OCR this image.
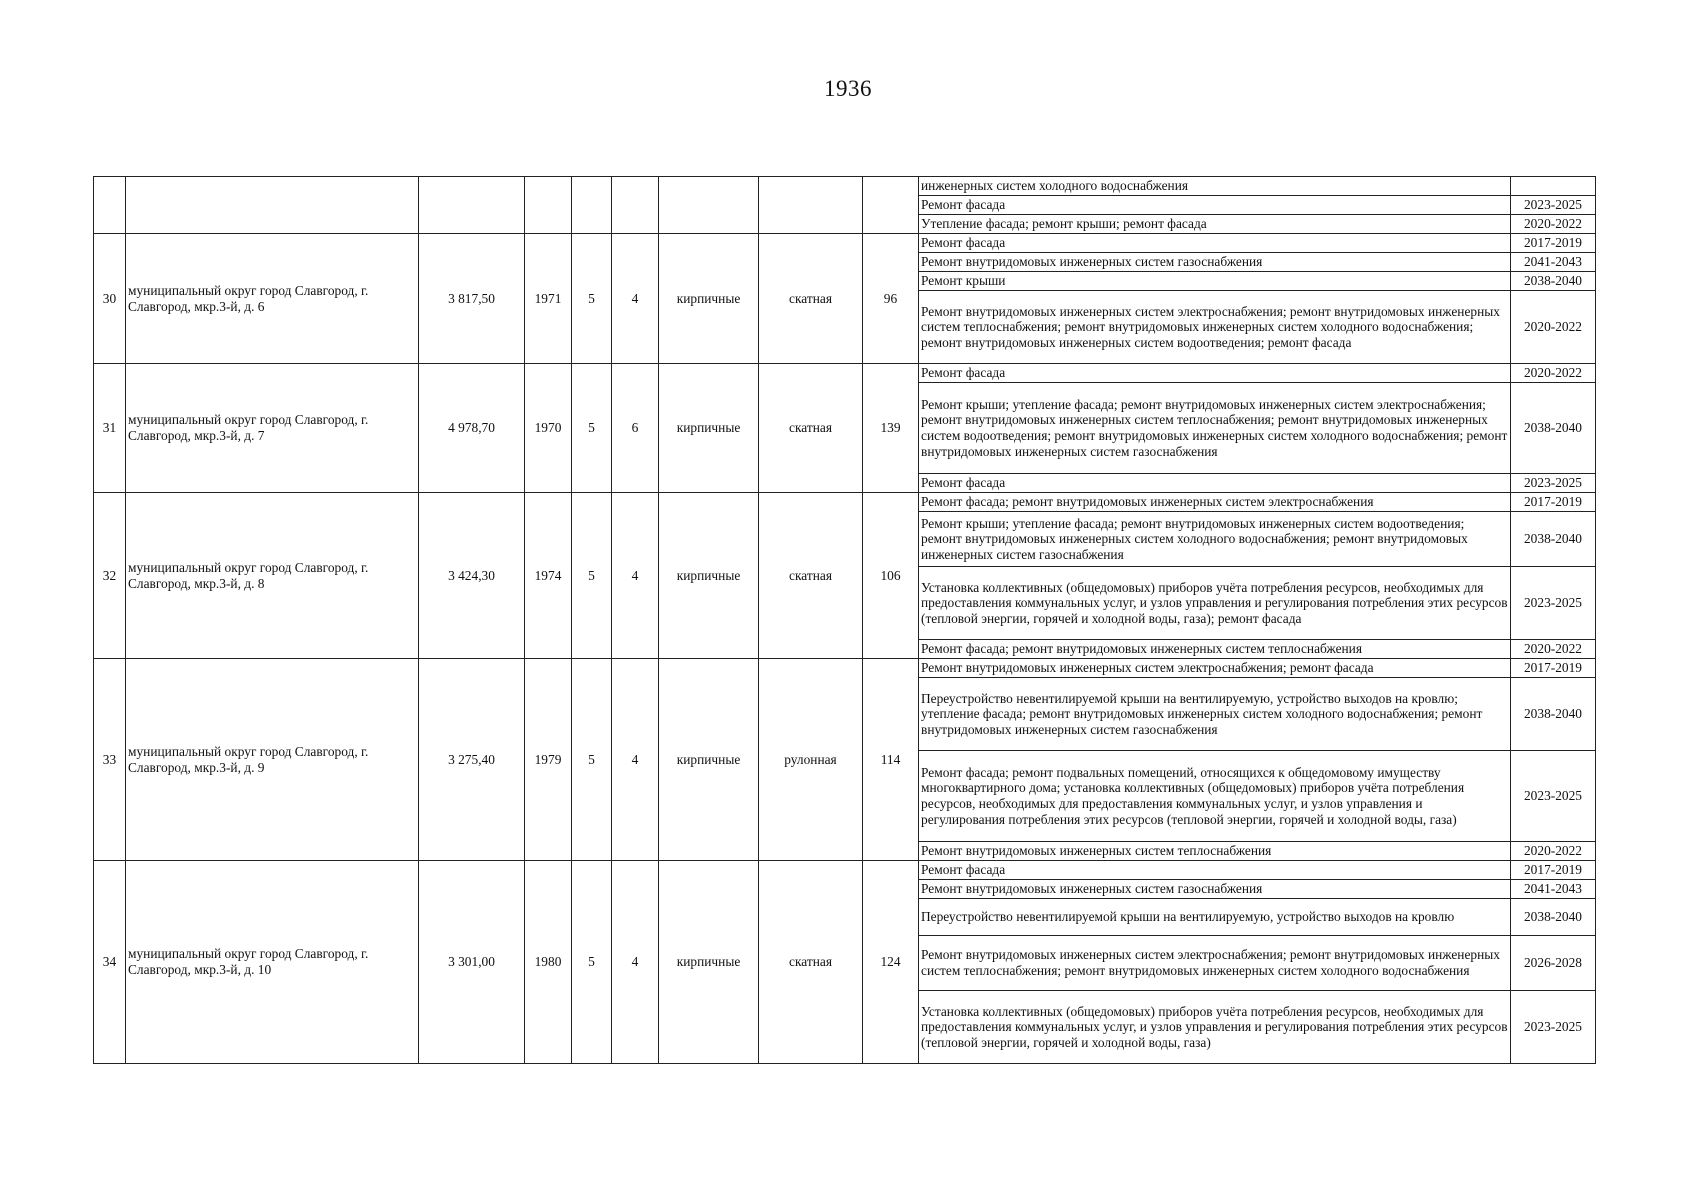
1936
									инженерных систем холодного водоснабжения	
									Ремонт фасада	2023-2025
									Утепление фасада; ремонт крыши; ремонт фасада	2020-2022
30	муниципальный округ город Славгород, г. Славгород, мкр.3-й, д. 6	3 817,50	1971	5	4	кирпичные	скатная	96	Ремонт фасада	2017-2019
									Ремонт внутридомовых инженерных систем газоснабжения	2041-2043
									Ремонт крыши	2038-2040
									Ремонт внутридомовых инженерных систем электроснабжения; ремонт внутридомовых инженерных систем теплоснабжения; ремонт внутридомовых инженерных систем холодного водоснабжения; ремонт внутридомовых инженерных систем водоотведения; ремонт фасада	2020-2022
31	муниципальный округ город Славгород, г. Славгород, мкр.3-й, д. 7	4 978,70	1970	5	6	кирпичные	скатная	139	Ремонт фасада	2020-2022
									Ремонт крыши; утепление фасада; ремонт внутридомовых инженерных систем электроснабжения; ремонт внутридомовых инженерных систем теплоснабжения; ремонт внутридомовых инженерных систем водоотведения; ремонт внутридомовых инженерных систем холодного водоснабжения; ремонт внутридомовых инженерных систем газоснабжения	2038-2040
									Ремонт фасада	2023-2025
32	муниципальный округ город Славгород, г. Славгород, мкр.3-й, д. 8	3 424,30	1974	5	4	кирпичные	скатная	106	Ремонт фасада; ремонт внутридомовых инженерных систем электроснабжения	2017-2019
									Ремонт крыши; утепление фасада; ремонт внутридомовых инженерных систем водоотведения; ремонт внутридомовых инженерных систем холодного водоснабжения; ремонт внутридомовых инженерных систем газоснабжения	2038-2040
									Установка коллективных (общедомовых) приборов учёта потребления ресурсов, необходимых для предоставления коммунальных услуг, и узлов управления и регулирования потребления этих ресурсов (тепловой энергии, горячей и холодной воды, газа); ремонт фасада	2023-2025
									Ремонт фасада; ремонт внутридомовых инженерных систем теплоснабжения	2020-2022
33	муниципальный округ город Славгород, г. Славгород, мкр.3-й, д. 9	3 275,40	1979	5	4	кирпичные	рулонная	114	Ремонт внутридомовых инженерных систем электроснабжения; ремонт фасада	2017-2019
									Переустройство невентилируемой крыши на вентилируемую, устройство выходов на кровлю; утепление фасада; ремонт внутридомовых инженерных систем холодного водоснабжения; ремонт внутридомовых инженерных систем газоснабжения	2038-2040
									Ремонт фасада; ремонт подвальных помещений, относящихся к общедомовому имуществу многоквартирного дома; установка коллективных (общедомовых) приборов учёта потребления ресурсов, необходимых для предоставления коммунальных услуг, и узлов управления и регулирования потребления этих ресурсов (тепловой энергии, горячей и холодной воды, газа)	2023-2025
									Ремонт внутридомовых инженерных систем теплоснабжения	2020-2022
34	муниципальный округ город Славгород, г. Славгород, мкр.3-й, д. 10	3 301,00	1980	5	4	кирпичные	скатная	124	Ремонт фасада	2017-2019
									Ремонт внутридомовых инженерных систем газоснабжения	2041-2043
									Переустройство невентилируемой крыши на вентилируемую, устройство выходов на кровлю	2038-2040
									Ремонт внутридомовых инженерных систем электроснабжения; ремонт внутридомовых инженерных систем теплоснабжения; ремонт внутридомовых инженерных систем холодного водоснабжения	2026-2028
									Установка коллективных (общедомовых) приборов учёта потребления ресурсов, необходимых для предоставления коммунальных услуг, и узлов управления и регулирования потребления этих ресурсов (тепловой энергии, горячей и холодной воды, газа)	2023-2025
